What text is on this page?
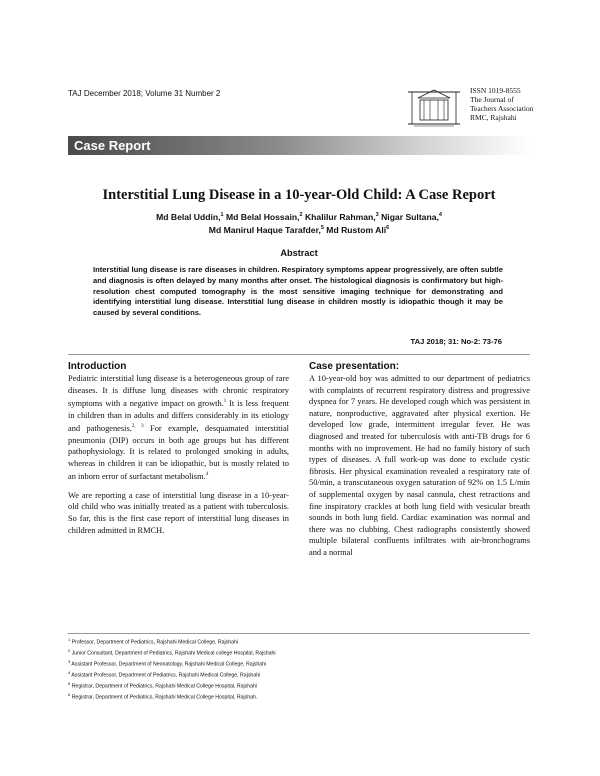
TAJ December 2018; Volume 31 Number 2	ISSN 1019-8555
The Journal of
Teachers Association
RMC, Rajshahi
Case Report
Interstitial Lung Disease in a 10-year-Old Child: A Case Report
Md Belal Uddin,$^1$ Md Belal Hossain,$^2$ Khalilur Rahman,$^3$ Nigar Sultana,$^4$
Md Manirul Haque Tarafder,$^5$ Md Rustom Ali$^6$
Abstract
Interstitial lung disease is rare diseases in children. Respiratory symptoms appear progressively, are often subtle and diagnosis is often delayed by many months after onset. The histological diagnosis is confirmatory but high-resolution chest computed tomography is the most sensitive imaging technique for demonstrating and identifying interstitial lung disease. Interstitial lung disease in children mostly is idiopathic though it may be caused by several conditions.
TAJ 2018; 31: No-2: 73-76
Introduction	Case presentation:

Pediatric interstitial lung disease is a heterogeneous group of rare diseases. It is diffuse lung diseases with chronic respiratory symptoms with a negative impact on growth.$^1$ It is less frequent in children than in adults and differs considerably in its etiology and pathogenesis.$^{2, 3}$ For example, desquamated interstitial pneumonia (DIP) occurs in both age groups but has different pathophysiology. It is related to prolonged smoking in adults, whereas in children it can be idiopathic, but is mostly related to an inborn error of surfactant metabolism.$^4$

We are reporting a case of interstitial lung disease in a 10-year-old child who was initially treated as a patient with tuberculosis. So far, this is the first case report of interstitial lung diseases in children admitted in RMCH.

A 10-year-old boy was admitted to our department of pediatrics with complaints of recurrent respiratory distress and progressive dyspnea for 7 years. He developed cough which was persistent in nature, nonproductive, aggravated after physical exertion. He developed low grade, intermittent irregular fever. He was diagnosed and treated for tuberculosis with anti-TB drugs for 6 months with no improvement. He had no family history of such types of diseases. A full work-up was done to exclude cystic fibrosis. Her physical examination revealed a respiratory rate of 50/min, a transcutaneous oxygen saturation of 92% on 1.5 L/min of supplemental oxygen by nasal cannula, chest retractions and fine inspiratory crackles at both lung field with vesicular breath sounds in both lung field. Cardiac examination was normal and there was no clubbing. Chest radiographs consistently showed multiple bilateral confluents infiltrates with air-bronchograms and a normal

$^1$ Professor, Department of Pediatrics, Rajshahi Medical College, Rajshahi
$^2$ Junior Consultant, Department of Pediatrics, Rajshahi Medical college Hospital, Rajshahi
$^3$ Assistant Professor, Department of Neonatology, Rajshahi Medical College, Rajshahi
$^4$ Assistant Professor, Department of Pediatrics, Rajshahi Medical College, Rajshahi
$^5$ Registrar, Department of Pediatrics, Rajshahi Medical College Hospital, Rajshahi
$^6$ Registrar, Department of Pediatrics, Rajshahi Medical College Hospital, Rajshah.
